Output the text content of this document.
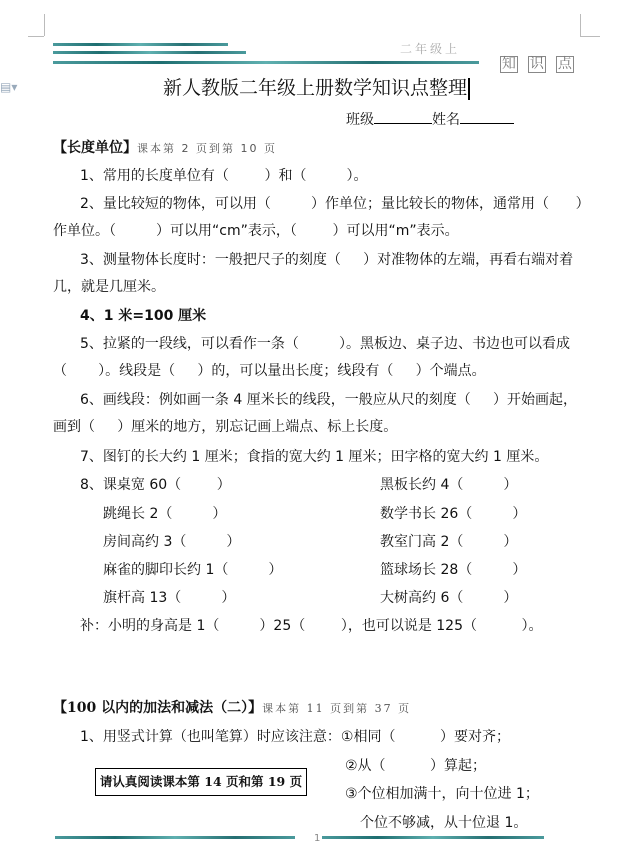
▤▾
二年级上

知 识 点

新人教版二年级上册数学知识点整理
班级	姓名
【长度单位】课本第 2 页到第 10 页
1、常用的长度单位有（        ）和（         ）。
2、量比较短的物体，可以用（         ）作单位；量比较长的物体，通常用（      ）
作单位。（         ）可以用“cm”表示，（        ）可以用“m”表示。
3、测量物体长度时：一般把尺子的刻度（     ）对准物体的左端，再看右端对着
几，就是几厘米。
4、1 米=100 厘米
5、拉紧的一段线，可以看作一条（         ）。黑板边、桌子边、书边也可以看成
（       ）。线段是（     ）的，可以量出长度；线段有（     ）个端点。
6、画线段：例如画一条 4 厘米长的线段，一般应从尺的刻度（     ）开始画起，
画到（     ）厘米的地方，别忘记画上端点、标上长度。
7、图钉的长大约 1 厘米；食指的宽大约 1 厘米；田字格的宽大约 1 厘米。
8、课桌宽 60（        ）
跳绳长 2（         ）
房间高约 3（         ）
麻雀的脚印长约 1（         ）
旗杆高 13（         ）
黑板长约 4（         ）
数学书长 26（         ）
教室门高 2（         ）
篮球场长 28（         ）
大树高约 6（         ）
补：小明的身高是 1（         ）25（        ），也可以说是 125（          ）。
【100 以内的加法和减法（二）】课本第 11 页到第 37 页
1、用竖式计算（也叫笔算）时应该注意：①相同（          ）要对齐；
②从（          ）算起；
③个位相加满十，向十位进 1；
个位不够减，从十位退 1。
请认真阅读课本第 14 页和第 19 页
1
